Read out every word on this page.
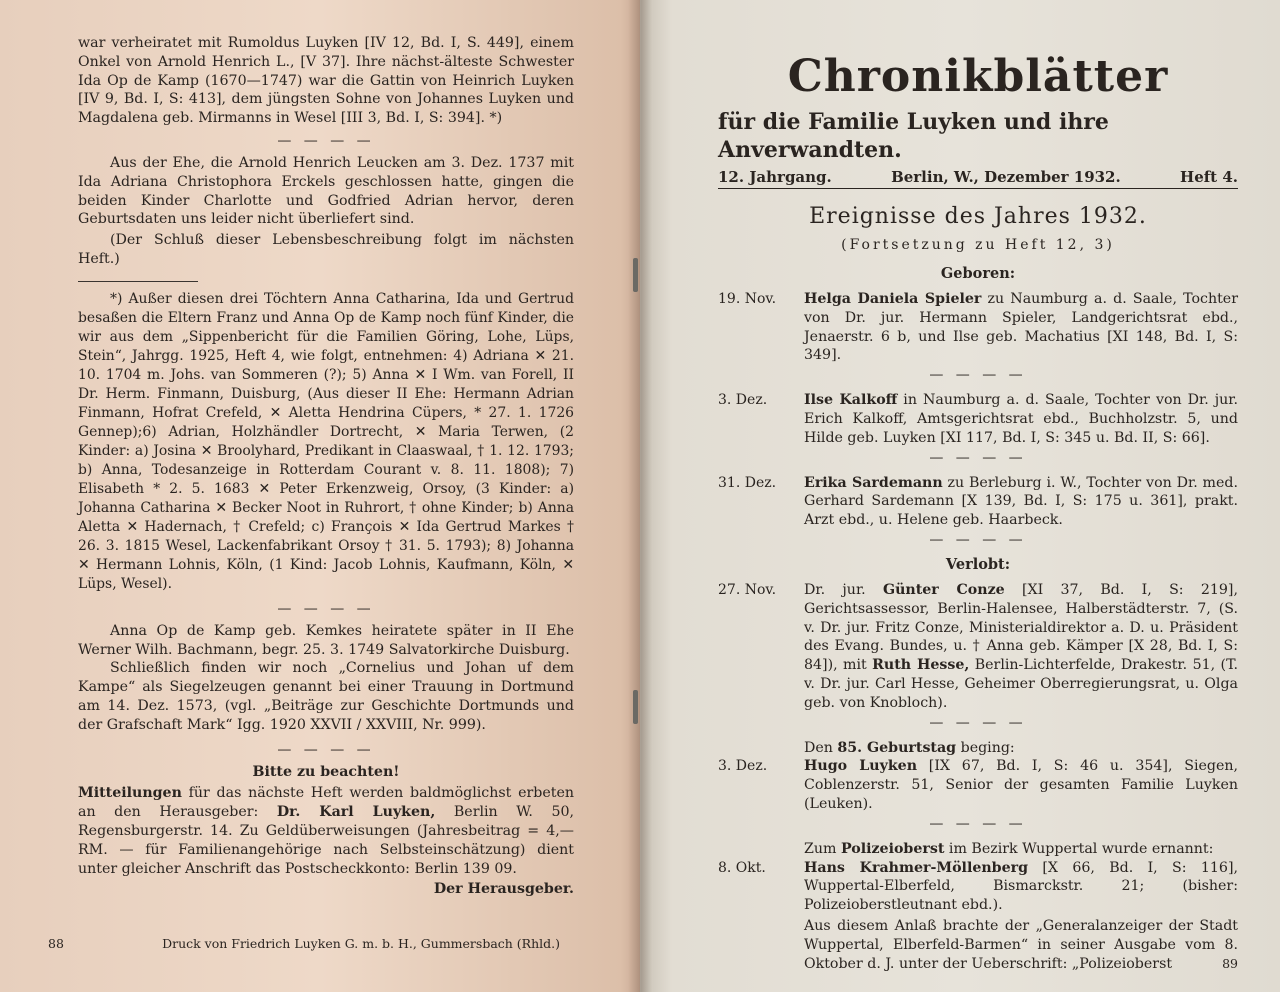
war verheiratet mit Rumoldus Luyken [IV 12, Bd. I, S. 449], einem Onkel von Arnold Henrich L., [V 37]. Ihre nächst-älteste Schwester Ida Op de Kamp (1670—1747) war die Gattin von Heinrich Luyken [IV 9, Bd. I, S: 413], dem jüngsten Sohne von Johannes Luyken und Magdalena geb. Mirmanns in Wesel [III 3, Bd. I, S: 394]. *)

— — — —

Aus der Ehe, die Arnold Henrich Leucken am 3. Dez. 1737 mit Ida Adriana Christophora Erckels geschlossen hatte, gingen die beiden Kinder Charlotte und Godfried Adrian hervor, deren Geburtsdaten uns leider nicht überliefert sind.

(Der Schluß dieser Lebensbeschreibung folgt im nächsten Heft.)

*) Außer diesen drei Töchtern Anna Catharina, Ida und Gertrud besaßen die Eltern Franz und Anna Op de Kamp noch fünf Kinder, die wir aus dem „Sippenbericht für die Familien Göring, Lohe, Lüps, Stein“, Jahrgg. 1925, Heft 4, wie folgt, entnehmen: 4) Adriana ✕ 21. 10. 1704 m. Johs. van Sommeren (?); 5) Anna ✕ I Wm. van Forell, II Dr. Herm. Finmann, Duisburg, (Aus dieser II Ehe: Hermann Adrian Finmann, Hofrat Crefeld, ✕ Aletta Hendrina Cüpers, * 27. 1. 1726 Gennep);6) Adrian, Holzhändler Dortrecht, ✕ Maria Terwen, (2 Kinder: a) Josina ✕ Broolyhard, Predikant in Claaswaal, † 1. 12. 1793; b) Anna, Todesanzeige in Rotterdam Courant v. 8. 11. 1808); 7) Elisabeth * 2. 5. 1683 ✕ Peter Erkenzweig, Orsoy, (3 Kinder: a) Johanna Catharina ✕ Becker Noot in Ruhrort, † ohne Kinder; b) Anna Aletta ✕ Hadernach, † Crefeld; c) François ✕ Ida Gertrud Markes † 26. 3. 1815 Wesel, Lackenfabrikant Orsoy † 31. 5. 1793); 8) Johanna ✕ Hermann Lohnis, Köln, (1 Kind: Jacob Lohnis, Kaufmann, Köln, ✕ Lüps, Wesel).

— — — —

Anna Op de Kamp geb. Kemkes heiratete später in II Ehe Werner Wilh. Bachmann, begr. 25. 3. 1749 Salvatorkirche Duisburg.

Schließlich finden wir noch „Cornelius und Johan uf dem Kampe“ als Siegelzeugen genannt bei einer Trauung in Dortmund am 14. Dez. 1573, (vgl. „Beiträge zur Geschichte Dortmunds und der Grafschaft Mark“ Igg. 1920 XXVII / XXVIII, Nr. 999).

— — — —

Bitte zu beachten!

Mitteilungen für das nächste Heft werden baldmöglichst erbeten an den Herausgeber: Dr. Karl Luyken, Berlin W. 50, Regensburgerstr. 14. Zu Geldüberweisungen (Jahresbeitrag = 4,— RM. — für Familienangehörige nach Selbsteinschätzung) dient unter gleicher Anschrift das Postscheckkonto: Berlin 139 09.

Der Herausgeber.

88	Druck von Friedrich Luyken G. m. b. H., Gummersbach (Rhld.)
Chronikblätter
für die Familie Luyken und ihre Anverwandten.
12. Jahrgang.	Berlin, W., Dezember 1932.	Heft 4.
Ereignisse des Jahres 1932.
(Fortsetzung zu Heft 12, 3)
Geboren:
19. Nov.	Helga Daniela Spieler zu Naumburg a. d. Saale, Tochter von Dr. jur. Hermann Spieler, Landgerichtsrat ebd., Jenaerstr. 6 b, und Ilse geb. Machatius [XI 148, Bd. I, S: 349].

— — — —
3. Dez.	Ilse Kalkoff in Naumburg a. d. Saale, Tochter von Dr. jur. Erich Kalkoff, Amtsgerichtsrat ebd., Buchholzstr. 5, und Hilde geb. Luyken [XI 117, Bd. I, S: 345 u. Bd. II, S: 66].

— — — —
31. Dez.	Erika Sardemann zu Berleburg i. W., Tochter von Dr. med. Gerhard Sardemann [X 139, Bd. I, S: 175 u. 361], prakt. Arzt ebd., u. Helene geb. Haarbeck.

— — — —
Verlobt:
27. Nov.	Dr. jur. Günter Conze [XI 37, Bd. I, S: 219], Gerichtsassessor, Berlin-Halensee, Halberstädterstr. 7, (S. v. Dr. jur. Fritz Conze, Ministerialdirektor a. D. u. Präsident des Evang. Bundes, u. † Anna geb. Kämper [X 28, Bd. I, S: 84]), mit Ruth Hesse, Berlin-Lichterfelde, Drakestr. 51, (T. v. Dr. jur. Carl Hesse, Geheimer Oberregierungsrat, u. Olga geb. von Knobloch).

— — — —

Den 85. Geburtstag beging:

3. Dez.	Hugo Luyken [IX 67, Bd. I, S: 46 u. 354], Siegen, Coblenzerstr. 51, Senior der gesamten Familie Luyken (Leuken).

— — — —

Zum Polizeioberst im Bezirk Wuppertal wurde ernannt:

8. Okt.	Hans Krahmer-Möllenberg [X 66, Bd. I, S: 116], Wuppertal-Elberfeld, Bismarckstr. 21; (bisher: Polizeioberstleutnant ebd.).

Aus diesem Anlaß brachte der „Generalanzeiger der Stadt Wuppertal, Elberfeld-Barmen“ in seiner Ausgabe vom 8. Oktober d. J. unter der Ueberschrift: „Polizeioberst	89
